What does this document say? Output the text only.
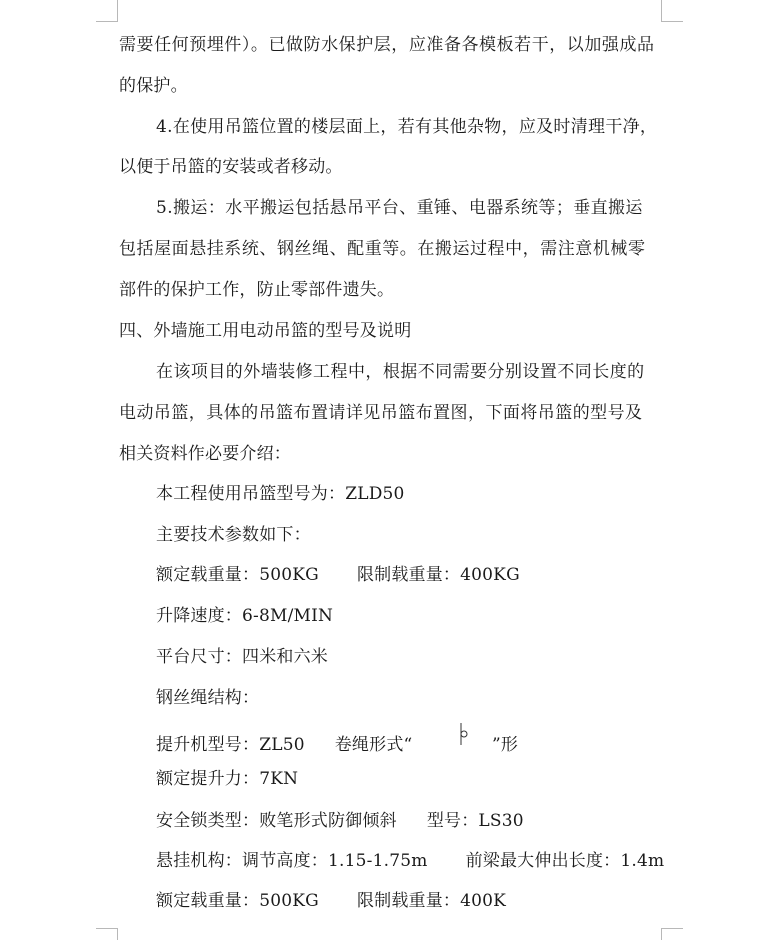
需要任何预埋件）。已做防水保护层，应准备各模板若干，以加强成品
的保护。
4.在使用吊篮位置的楼层面上，若有其他杂物，应及时清理干净，
以便于吊篮的安装或者移动。
5.搬运：水平搬运包括悬吊平台、重锤、电器系统等；垂直搬运
包括屋面悬挂系统、钢丝绳、配重等。在搬运过程中，需注意机械零
部件的保护工作，防止零部件遗失。
四、外墙施工用电动吊篮的型号及说明
在该项目的外墙装修工程中，根据不同需要分别设置不同长度的
电动吊篮，具体的吊篮布置请详见吊篮布置图，下面将吊篮的型号及
相关资料作必要介绍：
本工程使用吊篮型号为：ZLD50
主要技术参数如下：
额定载重量：500KG 限制载重量：400KG
升降速度：6-8M/MIN
平台尺寸：四米和六米
钢丝绳结构：
提升机型号：ZL50 卷绳形式“	”形
额定提升力：7KN
安全锁类型：败笔形式防御倾斜 型号：LS30
悬挂机构：调节高度：1.15-1.75m 前梁最大伸出长度：1.4m
额定载重量：500KG 限制载重量：400K
